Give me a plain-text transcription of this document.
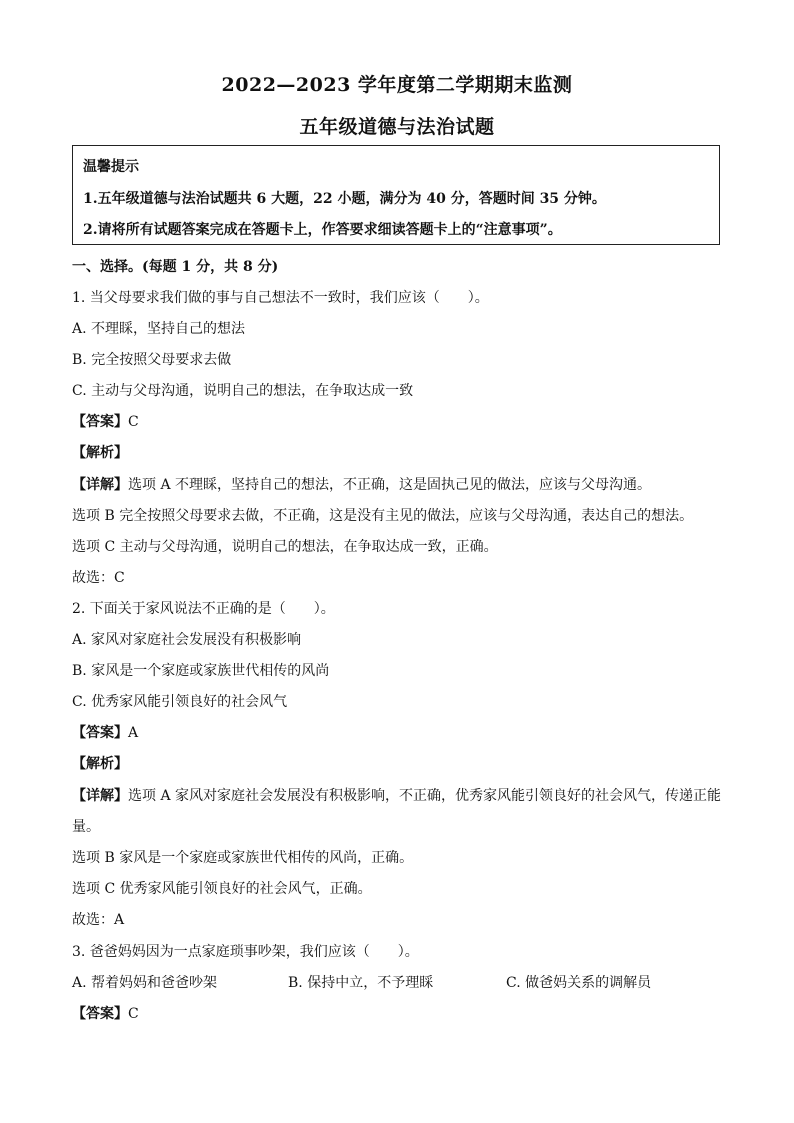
2022—2023 学年度第二学期期末监测
五年级道德与法治试题
温馨提示
1.五年级道德与法治试题共 6 大题，22 小题，满分为 40 分，答题时间 35 分钟。
2.请将所有试题答案完成在答题卡上，作答要求细读答题卡上的“注意事项”。
一、选择。(每题 1 分，共 8 分)
1. 当父母要求我们做的事与自己想法不一致时，我们应该（　　）。
A. 不理睬，坚持自己的想法
B. 完全按照父母要求去做
C. 主动与父母沟通，说明自己的想法，在争取达成一致
【答案】C
【解析】
【详解】选项 A 不理睬，坚持自己的想法，不正确，这是固执己见的做法，应该与父母沟通。
选项 B 完全按照父母要求去做，不正确，这是没有主见的做法，应该与父母沟通，表达自己的想法。
选项 C 主动与父母沟通，说明自己的想法，在争取达成一致，正确。
故选：C
2. 下面关于家风说法不正确的是（　　）。
A. 家风对家庭社会发展没有积极影响
B. 家风是一个家庭或家族世代相传的风尚
C. 优秀家风能引领良好的社会风气
【答案】A
【解析】
【详解】选项 A 家风对家庭社会发展没有积极影响，不正确，优秀家风能引领良好的社会风气，传递正能
量。
选项 B 家风是一个家庭或家族世代相传的风尚，正确。
选项 C 优秀家风能引领良好的社会风气，正确。
故选：A
3. 爸爸妈妈因为一点家庭琐事吵架，我们应该（　　）。
A. 帮着妈妈和爸爸吵架	B. 保持中立，不予理睬	C. 做爸妈关系的调解员
【答案】C
